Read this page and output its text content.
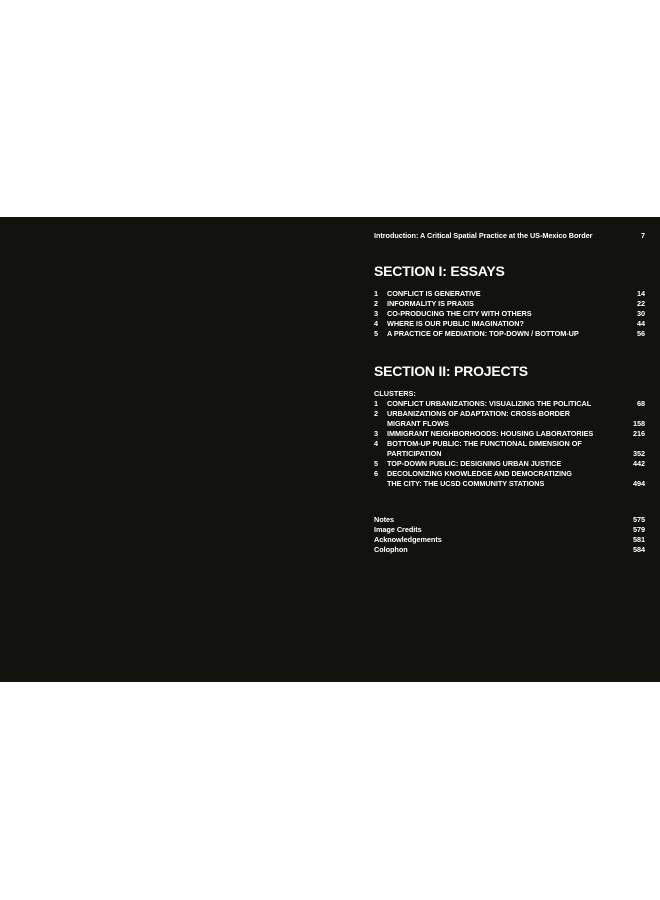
Introduction: A Critical Spatial Practice at the US-Mexico Border	7
SECTION I: ESSAYS
1	CONFLICT IS GENERATIVE	14
2	INFORMALITY IS PRAXIS	22
3	CO-PRODUCING THE CITY WITH OTHERS	30
4	WHERE IS OUR PUBLIC IMAGINATION?	44
5	A PRACTICE OF MEDIATION: TOP-DOWN / BOTTOM-UP	56
SECTION II: PROJECTS
CLUSTERS:
1	CONFLICT URBANIZATIONS: VISUALIZING THE POLITICAL	68
2	URBANIZATIONS OF ADAPTATION: CROSS-BORDER
MIGRANT FLOWS	158
3	IMMIGRANT NEIGHBORHOODS: HOUSING LABORATORIES	216
4	BOTTOM-UP PUBLIC: THE FUNCTIONAL DIMENSION OF
PARTICIPATION	352
5	TOP-DOWN PUBLIC: DESIGNING URBAN JUSTICE	442
6	DECOLONIZING KNOWLEDGE AND DEMOCRATIZING
THE CITY: THE UCSD COMMUNITY STATIONS	494
Notes	575
Image Credits	579
Acknowledgements	581
Colophon	584
